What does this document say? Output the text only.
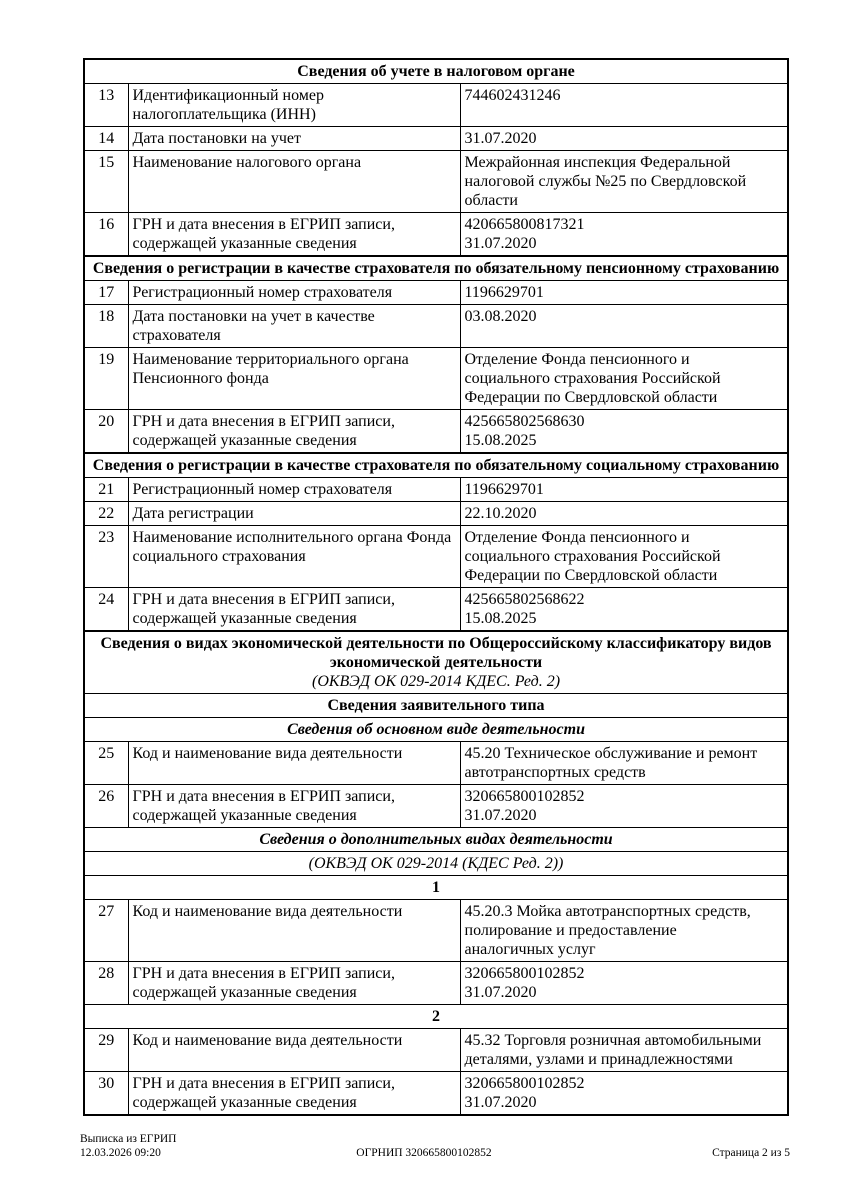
Сведения об учете в налоговом органе		
13	Идентификационный номер налогоплательщика (ИНН)	744602431246

14	Дата постановки на учет	31.07.2020

15	Наименование налогового органа	Межрайонная инспекция Федеральной
налоговой службы №25 по Свердловской
области

16	ГРН и дата внесения в ЕГРИП записи, содержащей указанные сведения	420665800817321
31.07.2020

Сведения о регистрации в качестве страхователя по обязательному пенсионному страхованию		
17	Регистрационный номер страхователя	1196629701

18	Дата постановки на учет в качестве страхователя	03.08.2020

19	Наименование территориального органа Пенсионного фонда	Отделение Фонда пенсионного и
социального страхования Российской
Федерации по Свердловской области

20	ГРН и дата внесения в ЕГРИП записи, содержащей указанные сведения	425665802568630
15.08.2025

Сведения о регистрации в качестве страхователя по обязательному социальному страхованию		
21	Регистрационный номер страхователя	1196629701

22	Дата регистрации	22.10.2020

23	Наименование исполнительного органа Фонда социального страхования	Отделение Фонда пенсионного и
социального страхования Российской
Федерации по Свердловской области

24	ГРН и дата внесения в ЕГРИП записи, содержащей указанные сведения	425665802568622
15.08.2025

Сведения о видах экономической деятельности по Общероссийскому классификатору видов экономической деятельности
(ОКВЭД ОК 029-2014 КДЕС. Ред. 2)		

Сведения заявительного типа		
Сведения об основном виде деятельности		
25	Код и наименование вида деятельности	45.20 Техническое обслуживание и ремонт
автотранспортных средств

26	ГРН и дата внесения в ЕГРИП записи, содержащей указанные сведения	320665800102852
31.07.2020

Сведения о дополнительных видах деятельности		
(ОКВЭД ОК 029-2014 (КДЕС Ред. 2))		
1		
27	Код и наименование вида деятельности	45.20.3 Мойка автотранспортных средств,
полирование и предоставление
аналогичных услуг

28	ГРН и дата внесения в ЕГРИП записи, содержащей указанные сведения	320665800102852
31.07.2020

2		
29	Код и наименование вида деятельности	45.32 Торговля розничная автомобильными
деталями, узлами и принадлежностями

30	ГРН и дата внесения в ЕГРИП записи, содержащей указанные сведения	320665800102852
31.07.2020
Выписка из ЕГРИП
12.03.2026 09:20	ОГРНИП 320665800102852	Страница 2 из 5
